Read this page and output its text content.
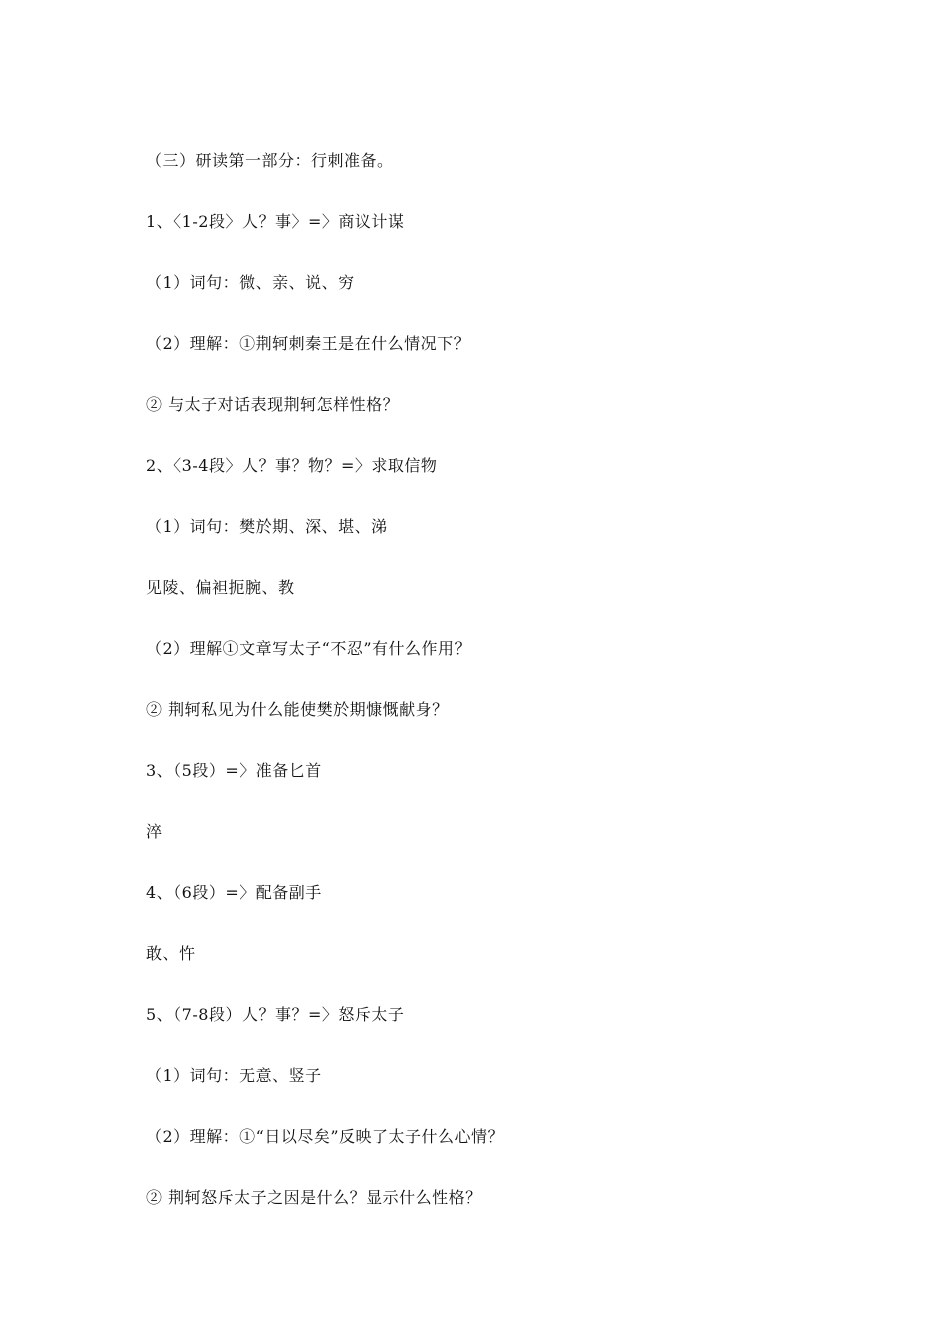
（三）研读第一部分：行刺准备。

1、〈1-2段〉人？事〉=〉商议计谋

（1）词句：微、亲、说、穷

（2）理解：①荆轲刺秦王是在什么情况下？

② 与太子对话表现荆轲怎样性格？

2、〈3-4段〉人？事？物？=〉求取信物

（1）词句：樊於期、深、堪、涕

见陵、偏袒扼腕、教

（2）理解①文章写太子“不忍”有什么作用？

② 荆轲私见为什么能使樊於期慷慨献身？

3、（5段）=〉准备匕首

淬

4、（6段）=〉配备副手

敢、忤

5、（7-8段）人？事？=〉怒斥太子

（1）词句：无意、竖子

（2）理解：①“日以尽矣”反映了太子什么心情？

② 荆轲怒斥太子之因是什么？显示什么性格？
